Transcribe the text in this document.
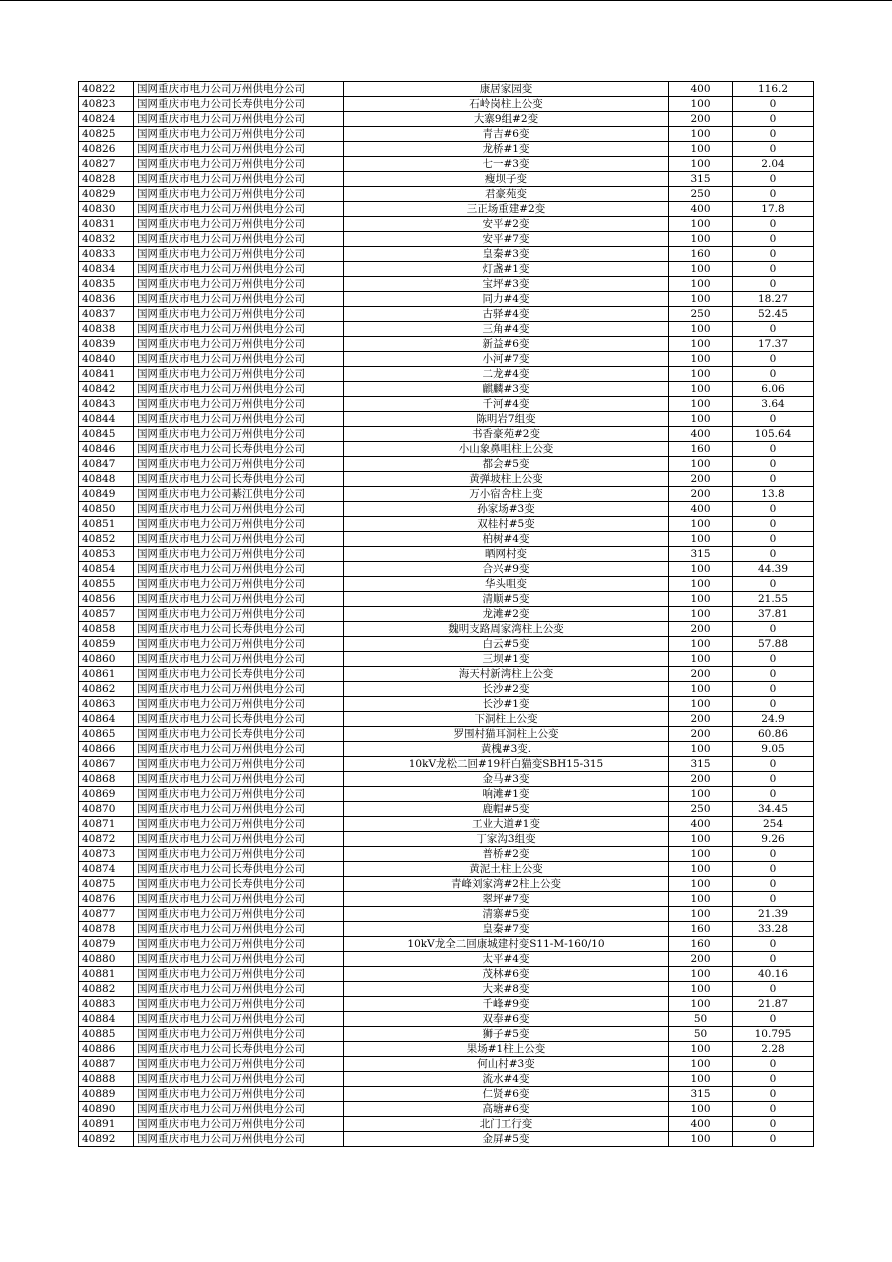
40822	国网重庆市电力公司万州供电分公司	康居家园变	400	116.2
40823	国网重庆市电力公司长寿供电分公司	石岭岗柱上公变	100	0
40824	国网重庆市电力公司万州供电分公司	大寨9组#2变	200	0
40825	国网重庆市电力公司万州供电分公司	青吉#6变	100	0
40826	国网重庆市电力公司万州供电分公司	龙桥#1变	100	0
40827	国网重庆市电力公司万州供电分公司	七一#3变	100	2.04
40828	国网重庆市电力公司万州供电分公司	瘦坝子变	315	0
40829	国网重庆市电力公司万州供电分公司	君豪苑变	250	0
40830	国网重庆市电力公司万州供电分公司	三正场重建#2变	400	17.8
40831	国网重庆市电力公司万州供电分公司	安平#2变	100	0
40832	国网重庆市电力公司万州供电分公司	安平#7变	100	0
40833	国网重庆市电力公司万州供电分公司	皇秦#3变	160	0
40834	国网重庆市电力公司万州供电分公司	灯盏#1变	100	0
40835	国网重庆市电力公司万州供电分公司	宝坪#3变	100	0
40836	国网重庆市电力公司万州供电分公司	同力#4变	100	18.27
40837	国网重庆市电力公司万州供电分公司	古驿#4变	250	52.45
40838	国网重庆市电力公司万州供电分公司	三角#4变	100	0
40839	国网重庆市电力公司万州供电分公司	新益#6变	100	17.37
40840	国网重庆市电力公司万州供电分公司	小河#7变	100	0
40841	国网重庆市电力公司万州供电分公司	二龙#4变	100	0
40842	国网重庆市电力公司万州供电分公司	麒麟#3变	100	6.06
40843	国网重庆市电力公司万州供电分公司	千河#4变	100	3.64
40844	国网重庆市电力公司万州供电分公司	陈明岩7组变	100	0
40845	国网重庆市电力公司万州供电分公司	书香豪苑#2变	400	105.64
40846	国网重庆市电力公司长寿供电分公司	小山象鼻咀柱上公变	160	0
40847	国网重庆市电力公司万州供电分公司	都会#5变	100	0
40848	国网重庆市电力公司长寿供电分公司	黄弹坡柱上公变	200	0
40849	国网重庆市电力公司綦江供电分公司	万小宿舍柱上变	200	13.8
40850	国网重庆市电力公司万州供电分公司	孙家场#3变	400	0
40851	国网重庆市电力公司万州供电分公司	双桂村#5变	100	0
40852	国网重庆市电力公司万州供电分公司	柏树#4变	100	0
40853	国网重庆市电力公司万州供电分公司	晒网村变	315	0
40854	国网重庆市电力公司万州供电分公司	合兴#9变	100	44.39
40855	国网重庆市电力公司万州供电分公司	华头咀变	100	0
40856	国网重庆市电力公司万州供电分公司	清顺#5变	100	21.55
40857	国网重庆市电力公司万州供电分公司	龙滩#2变	100	37.81
40858	国网重庆市电力公司长寿供电分公司	魏明支路周家湾柱上公变	200	0
40859	国网重庆市电力公司万州供电分公司	白云#5变	100	57.88
40860	国网重庆市电力公司万州供电分公司	三坝#1变	100	0
40861	国网重庆市电力公司长寿供电分公司	海天村新湾柱上公变	200	0
40862	国网重庆市电力公司万州供电分公司	长沙#2变	100	0
40863	国网重庆市电力公司万州供电分公司	长沙#1变	100	0
40864	国网重庆市电力公司长寿供电分公司	下洞柱上公变	200	24.9
40865	国网重庆市电力公司长寿供电分公司	罗围村猫耳洞柱上公变	200	60.86
40866	国网重庆市电力公司万州供电分公司	黄槐#3变.	100	9.05
40867	国网重庆市电力公司万州供电分公司	10kV龙松二回#19杆白猫变SBH15-315	315	0
40868	国网重庆市电力公司万州供电分公司	金马#3变	200	0
40869	国网重庆市电力公司万州供电分公司	响滩#1变	100	0
40870	国网重庆市电力公司万州供电分公司	鹿帽#5变	250	34.45
40871	国网重庆市电力公司万州供电分公司	工业大道#1变	400	254
40872	国网重庆市电力公司万州供电分公司	丁家沟3组变	100	9.26
40873	国网重庆市电力公司万州供电分公司	普桥#2变	100	0
40874	国网重庆市电力公司长寿供电分公司	黄泥土柱上公变	100	0
40875	国网重庆市电力公司长寿供电分公司	青峰刘家湾#2柱上公变	100	0
40876	国网重庆市电力公司万州供电分公司	翠坪#7变	100	0
40877	国网重庆市电力公司万州供电分公司	清寨#5变	100	21.39
40878	国网重庆市电力公司万州供电分公司	皇秦#7变	160	33.28
40879	国网重庆市电力公司万州供电分公司	10kV龙全二回康城建村变S11-M-160/10	160	0
40880	国网重庆市电力公司万州供电分公司	太平#4变	200	0
40881	国网重庆市电力公司万州供电分公司	茂林#6变	100	40.16
40882	国网重庆市电力公司万州供电分公司	大来#8变	100	0
40883	国网重庆市电力公司万州供电分公司	千峰#9变	100	21.87
40884	国网重庆市电力公司万州供电分公司	双奉#6变	50	0
40885	国网重庆市电力公司万州供电分公司	狮子#5变	50	10.795
40886	国网重庆市电力公司长寿供电分公司	果场#1柱上公变	100	2.28
40887	国网重庆市电力公司万州供电分公司	何山村#3变	100	0
40888	国网重庆市电力公司万州供电分公司	流水#4变	100	0
40889	国网重庆市电力公司万州供电分公司	仁贤#6变	315	0
40890	国网重庆市电力公司万州供电分公司	高塘#6变	100	0
40891	国网重庆市电力公司万州供电分公司	北门工行变	400	0
40892	国网重庆市电力公司万州供电分公司	金屏#5变	100	0
